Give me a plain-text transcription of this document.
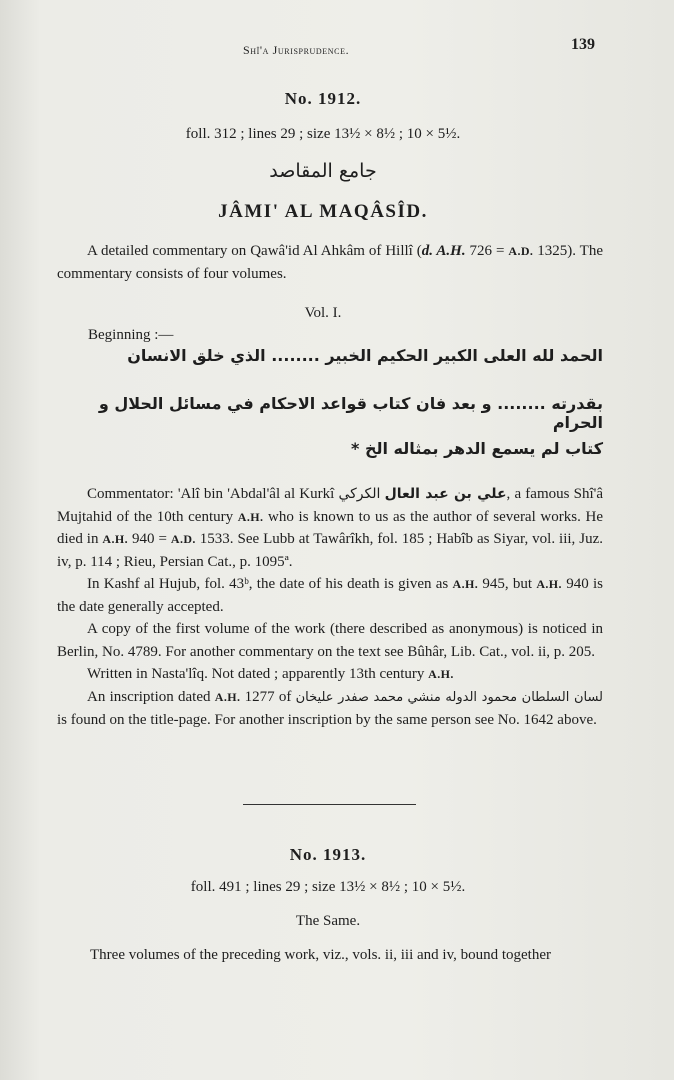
Shî'a Jurisprudence.	139
No. 1912.
foll. 312 ; lines 29 ; size 13½ × 8½ ; 10 × 5½.
جامع المقاصد
JÂMI' AL MAQÂSÎD.

A detailed commentary on Qawâ'id Al Ahkâm of Hillî (d. A.H. 726 = A.D. 1325). The commentary consists of four volumes.

Vol. I.
Beginning :—
الحمد لله العلى الكبير الحكيم الخبير ........ الذي خلق الانسان
بقدرته ........ و بعد فان كتاب قواعد الاحكام في مسائل الحلال و الحرام
كتاب لم يسمع الدهر بمثاله الخ *

Commentator: 'Alî bin 'Abdal'âl al Kurkî	علي بن عبد العال الكركي	, a famous Shî'â Mujtahid of the 10th century A.H. who is known to us as the author of several works. He died in A.H. 940 = A.D. 1533. See Lubb at Tawârîkh, fol. 185 ; Habîb as Siyar, vol. iii, Juz. iv, p. 114 ; Rieu, Persian Cat., p. 1095ª.

In Kashf al Hujub, fol. 43ᵇ, the date of his death is given as A.H. 945, but A.H. 940 is the date generally accepted.

A copy of the first volume of the work (there described as anonymous) is noticed in Berlin, No. 4789. For another commentary on the text see Bûhâr, Lib. Cat., vol. ii, p. 205.

Written in Nasta'lîq. Not dated ; apparently 13th century A.H.

An inscription dated A.H. 1277 of	لسان السلطان محمود الدوله منشي محمد صفدر عليخان is found on the title-page. For another inscription by the same person see No. 1642 above.

No. 1913.
foll. 491 ; lines 29 ; size 13½ × 8½ ; 10 × 5½.
The Same.

Three volumes of the preceding work, viz., vols. ii, iii and iv, bound together
